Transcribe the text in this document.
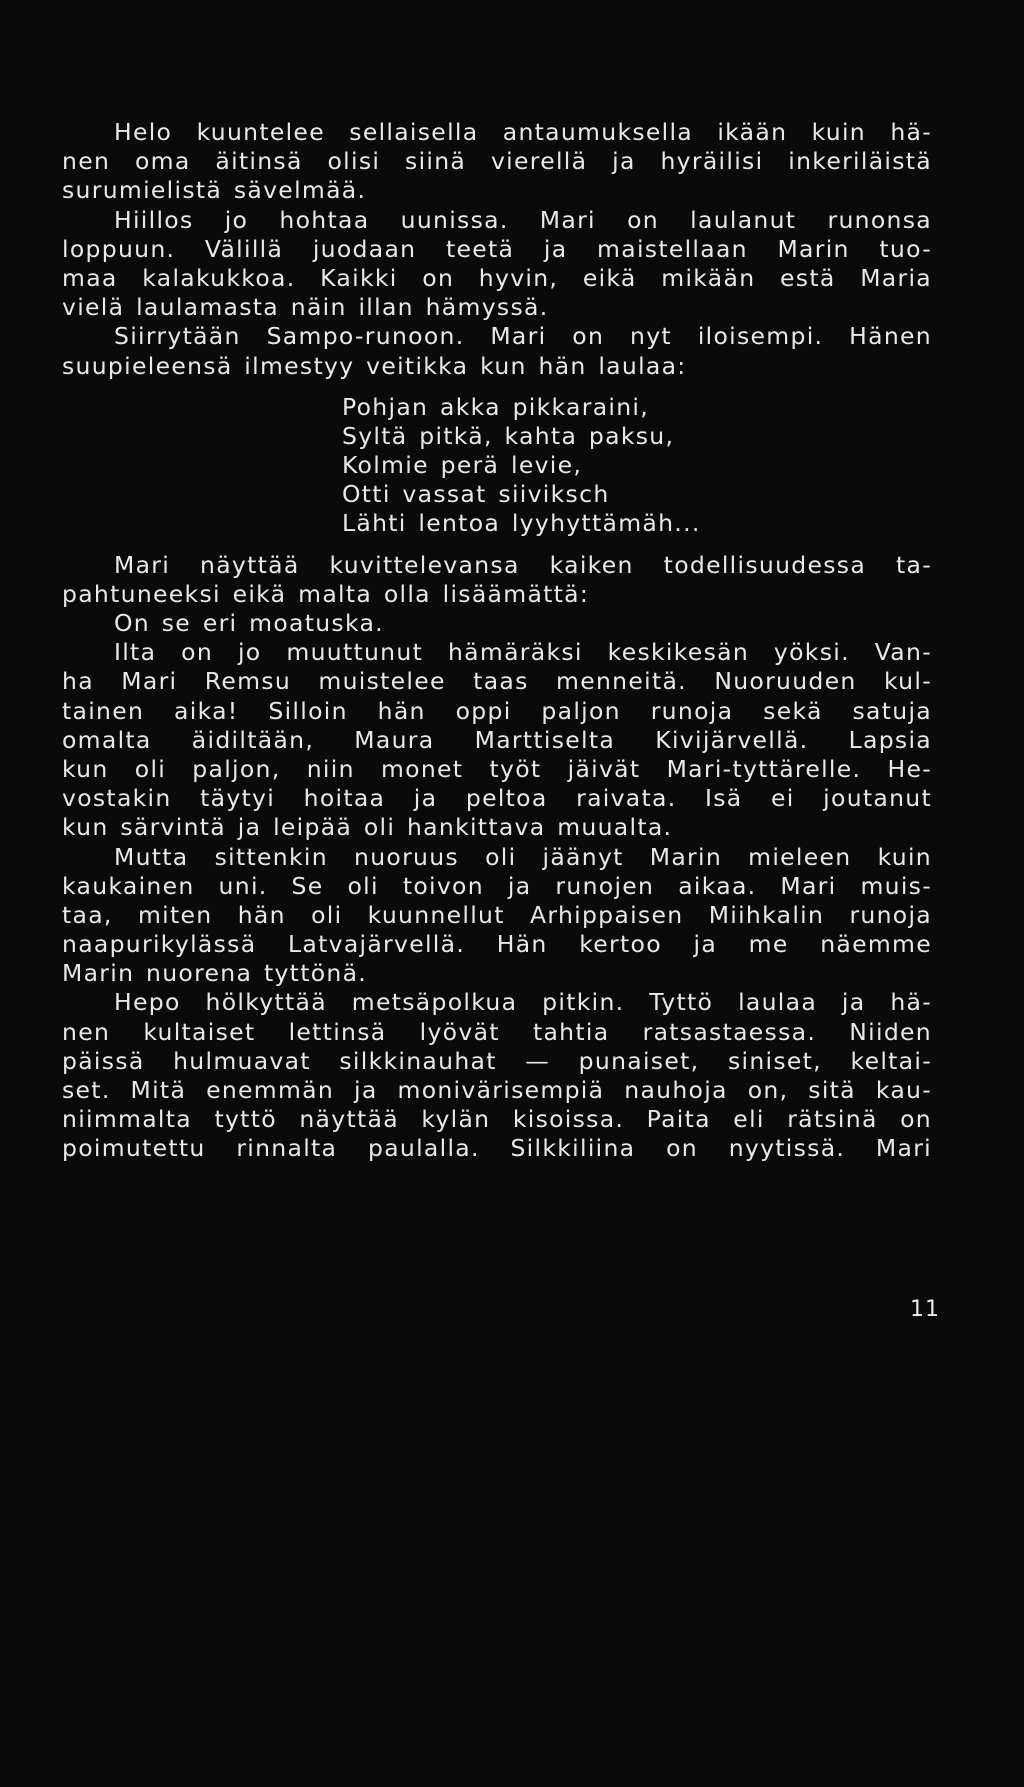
Helo kuuntelee sellaisella antaumuksella ikään kuin hä-
nen oma äitinsä olisi siinä vierellä ja hyräilisi inkeriläistä
surumielistä sävelmää.
Hiillos jo hohtaa uunissa. Mari on laulanut runonsa
loppuun. Välillä juodaan teetä ja maistellaan Marin tuo-
maa kalakukkoa. Kaikki on hyvin, eikä mikään estä Maria
vielä laulamasta näin illan hämyssä.
Siirrytään Sampo-runoon. Mari on nyt iloisempi. Hänen
suupieleensä ilmestyy veitikka kun hän laulaa:
Pohjan akka pikkaraini,
Syltä pitkä, kahta paksu,
Kolmie perä levie,
Otti vassat siiviksch
Lähti lentoa lyyhyttämäh...
Mari näyttää kuvittelevansa kaiken todellisuudessa ta-
pahtuneeksi eikä malta olla lisäämättä:
On se eri moatuska.
Ilta on jo muuttunut hämäräksi keskikesän yöksi. Van-
ha Mari Remsu muistelee taas menneitä. Nuoruuden kul-
tainen aika! Silloin hän oppi paljon runoja sekä satuja
omalta äidiltään, Maura Marttiselta Kivijärvellä. Lapsia
kun oli paljon, niin monet työt jäivät Mari-tyttärelle. He-
vostakin täytyi hoitaa ja peltoa raivata. Isä ei joutanut
kun särvintä ja leipää oli hankittava muualta.
Mutta sittenkin nuoruus oli jäänyt Marin mieleen kuin
kaukainen uni. Se oli toivon ja runojen aikaa. Mari muis-
taa, miten hän oli kuunnellut Arhippaisen Miihkalin runoja
naapurikylässä Latvajärvellä. Hän kertoo ja me näemme
Marin nuorena tyttönä.
Hepo hölkyttää metsäpolkua pitkin. Tyttö laulaa ja hä-
nen kultaiset lettinsä lyövät tahtia ratsastaessa. Niiden
päissä hulmuavat silkkinauhat — punaiset, siniset, keltai-
set. Mitä enemmän ja monivärisempiä nauhoja on, sitä kau-
niimmalta tyttö näyttää kylän kisoissa. Paita eli rätsinä on
poimutettu rinnalta paulalla. Silkkiliina on nyytissä. Mari
11
